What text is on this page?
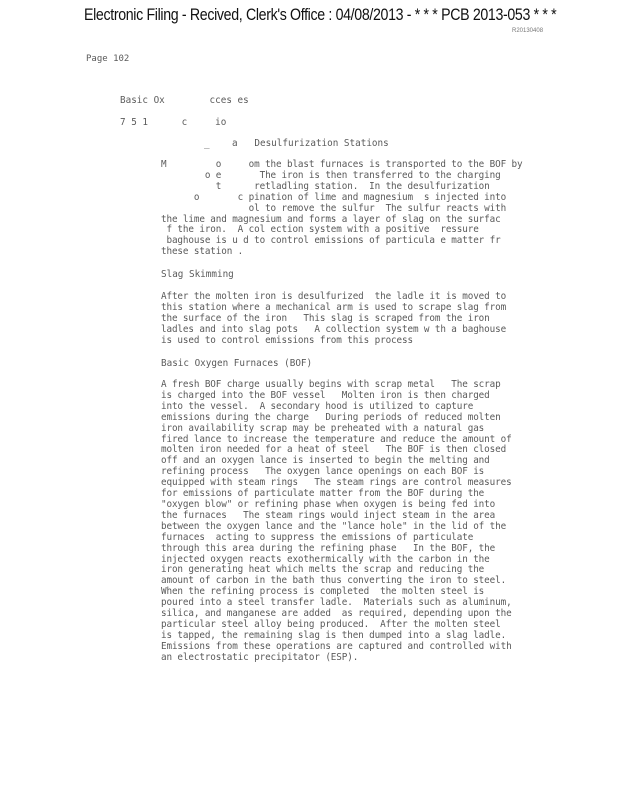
Electronic Filing - Recived, Clerk's Office : 04/08/2013 - * * * PCB 2013-053 * * *
R20130408
Page 102
Basic Ox        cces es
7 5 1      c     io
_    a   Desulfurization Stations
M         o     om the blast furnaces is transported to the BOF by
o e       The iron is then transferred to the charging
t      retladling station.  In the desulfurization
o       c pination of lime and magnesium  s injected into
ol to remove the sulfur  The sulfur reacts with
the lime and magnesium and forms a layer of slag on the surfac
f the iron.  A col ection system with a positive  ressure
baghouse is u d to control emissions of particula e matter fr
these station .
Slag Skimming
After the molten iron is desulfurized  the ladle it is moved to
this station where a mechanical arm is used to scrape slag from
the surface of the iron   This slag is scraped from the iron
ladles and into slag pots   A collection system w th a baghouse
is used to control emissions from this process
Basic Oxygen Furnaces (BOF)
A fresh BOF charge usually begins with scrap metal   The scrap
is charged into the BOF vessel   Molten iron is then charged
into the vessel.  A secondary hood is utilized to capture
emissions during the charge   During periods of reduced molten
iron availability scrap may be preheated with a natural gas
fired lance to increase the temperature and reduce the amount of
molten iron needed for a heat of steel   The BOF is then closed
off and an oxygen lance is inserted to begin the melting and
refining process   The oxygen lance openings on each BOF is
equipped with steam rings   The steam rings are control measures
for emissions of particulate matter from the BOF during the
"oxygen blow" or refining phase when oxygen is being fed into
the furnaces   The steam rings would inject steam in the area
between the oxygen lance and the "lance hole" in the lid of the
furnaces  acting to suppress the emissions of particulate
through this area during the refining phase   In the BOF, the
injected oxygen reacts exothermically with the carbon in the
iron generating heat which melts the scrap and reducing the
amount of carbon in the bath thus converting the iron to steel.
When the refining process is completed  the molten steel is
poured into a steel transfer ladle.  Materials such as aluminum,
silica, and manganese are added  as required, depending upon the
particular steel alloy being produced.  After the molten steel
is tapped, the remaining slag is then dumped into a slag ladle.
Emissions from these operations are captured and controlled with
an electrostatic precipitator (ESP).
